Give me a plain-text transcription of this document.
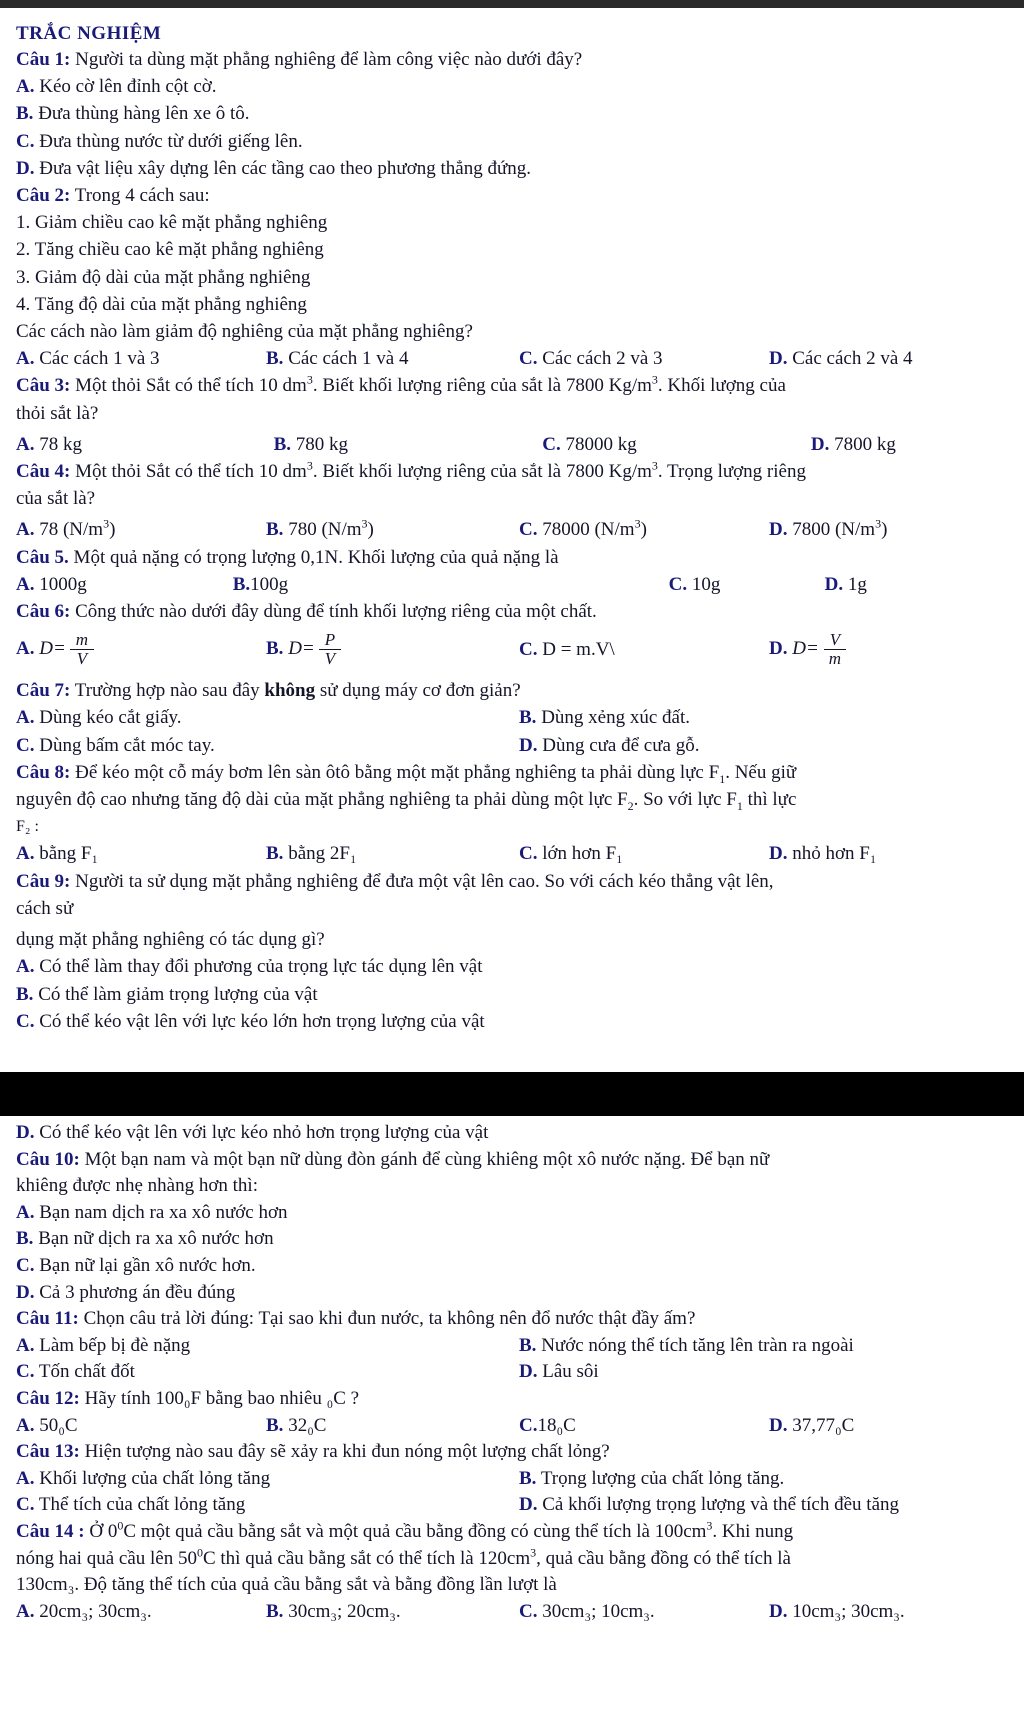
TRẮC NGHIỆM
Câu 1: Người ta dùng mặt phẳng nghiêng để làm công việc nào dưới đây?
A. Kéo cờ lên đỉnh cột cờ.
B. Đưa thùng hàng lên xe ô tô.
C. Đưa thùng nước từ dưới giếng lên.
D. Đưa vật liệu xây dựng lên các tầng cao theo phương thẳng đứng.
Câu 2: Trong 4 cách sau:
1. Giảm chiều cao kê mặt phẳng nghiêng
2. Tăng chiều cao kê mặt phẳng nghiêng
3. Giảm độ dài của mặt phẳng nghiêng
4. Tăng độ dài của mặt phẳng nghiêng
Các cách nào làm giảm độ nghiêng của mặt phẳng nghiêng?
A. Các cách 1 và 3	B. Các cách 1 và 4	C. Các cách 2 và 3	D. Các cách 2 và 4
Câu 3: Một thỏi Sắt có thể tích 10 $dm^3$. Biết khối lượng riêng của sắt là 7800 $Kg/m^3$. Khối lượng của
thỏi sắt là?
A. 78 kg	B. 780 kg	C. 78000 kg	D. 7800 kg
Câu 4: Một thỏi Sắt có thể tích 10 $dm^3$. Biết khối lượng riêng của sắt là 7800 $Kg/m^3$. Trọng lượng riêng
của sắt là?
A. 78 $(N/m^3)$	B. 780 $(N/m^3)$	C. 78000 $(N/m^3)$	D. 7800 $(N/m^3)$
Câu 5. Một quả nặng có trọng lượng 0,1N. Khối lượng của quả nặng là
A. 1000g	B.100g	C. 10g	D. 1g
Câu 6: Công thức nào dưới đây dùng để tính khối lượng riêng của một chất.
A. $D= \frac{m}{V}$	B. $D= \frac{P}{V}$	C. D = m.V\	D. $D= \frac{V}{m}$
Câu 7: Trường hợp nào sau đây không sử dụng máy cơ đơn giản?
A. Dùng kéo cắt giấy.	B. Dùng xẻng xúc đất.
C. Dùng bấm cắt móc tay.	D. Dùng cưa để cưa gỗ.
Câu 8: Để kéo một cỗ máy bơm lên sàn ôtô bằng một mặt phẳng nghiêng ta phải dùng lực $F_1$. Nếu giữ
nguyên độ cao nhưng tăng độ dài của mặt phẳng nghiêng ta phải dùng một lực $F_2$. So với lực $F_1$ thì lực
F₂ :
A. bằng F₁	B. bằng 2F₁	C. lớn hơn F₁	D. nhỏ hơn F₁
Câu 9: Người ta sử dụng mặt phẳng nghiêng để đưa một vật lên cao. So với cách kéo thẳng vật lên,
cách sử
dụng mặt phẳng nghiêng có tác dụng gì?
A. Có thể làm thay đổi phương của trọng lực tác dụng lên vật
B. Có thể làm giảm trọng lượng của vật
C. Có thể kéo vật lên với lực kéo lớn hơn trọng lượng của vật
D. Có thể kéo vật lên với lực kéo nhỏ hơn trọng lượng của vật
Câu 10: Một bạn nam và một bạn nữ dùng đòn gánh để cùng khiêng một xô nước nặng. Để bạn nữ
khiêng được nhẹ nhàng hơn thì:
A. Bạn nam dịch ra xa xô nước hơn
B. Bạn nữ dịch ra xa xô nước hơn
C. Bạn nữ lại gần xô nước hơn.
D. Cả 3 phương án đều đúng
Câu 11: Chọn câu trả lời đúng: Tại sao khi đun nước, ta không nên đổ nước thật đầy ấm?
A. Làm bếp bị đè nặng	B. Nước nóng thể tích tăng lên tràn ra ngoài
C. Tốn chất đốt	D. Lâu sôi
Câu 12: Hãy tính 100₀F bằng bao nhiêu ₀C ?
A. 50₀C	B. 32₀C	C.18₀C	D. 37,77₀C
Câu 13: Hiện tượng nào sau đây sẽ xảy ra khi đun nóng một lượng chất lỏng?
A. Khối lượng của chất lỏng tăng	B. Trọng lượng của chất lỏng tăng.
C. Thể tích của chất lỏng tăng	D. Cả khối lượng trọng lượng và thể tích đều tăng
Câu 14 : Ở $0^0C$ một quả cầu bằng sắt và một quả cầu bằng đồng có cùng thể tích là $100cm^3$. Khi nung
nóng hai quả cầu lên $50^0C$ thì quả cầu bằng sắt có thể tích là $120cm^3$, quả cầu bằng đồng có thể tích là
130cm₃. Độ tăng thể tích của quả cầu bằng sắt và bằng đồng lần lượt là
A. 20cm₃; 30cm₃.	B. 30cm₃; 20cm₃.	C. 30cm₃; 10cm₃.	D. 10cm₃; 30cm₃.
